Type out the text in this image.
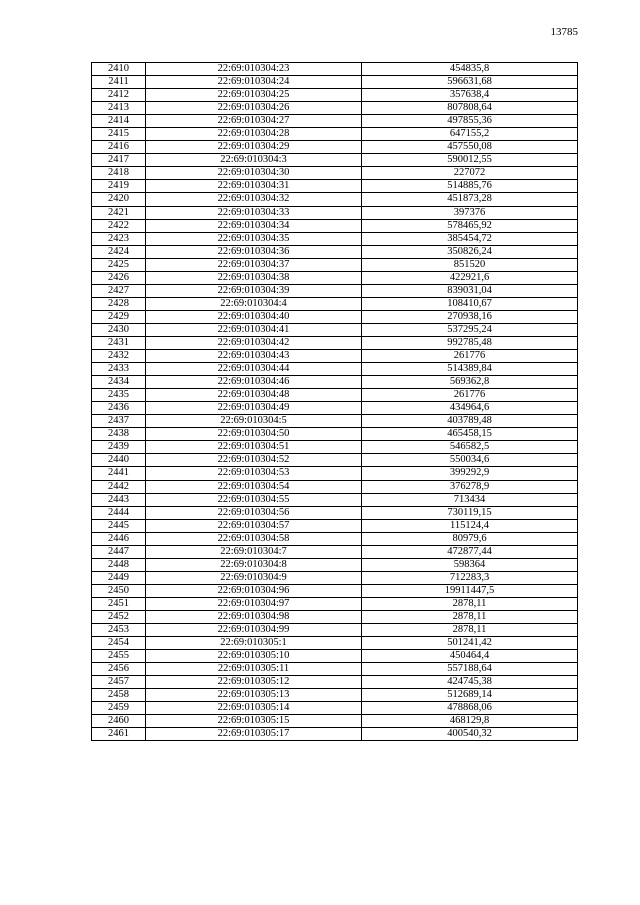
13785
2410	22:69:010304:23	454835,8
2411	22:69:010304:24	596631,68
2412	22:69:010304:25	357638,4
2413	22:69:010304:26	807808,64
2414	22:69:010304:27	497855,36
2415	22:69:010304:28	647155,2
2416	22:69:010304:29	457550,08
2417	22:69:010304:3	590012,55
2418	22:69:010304:30	227072
2419	22:69:010304:31	514885,76
2420	22:69:010304:32	451873,28
2421	22:69:010304:33	397376
2422	22:69:010304:34	578465,92
2423	22:69:010304:35	385454,72
2424	22:69:010304:36	350826,24
2425	22:69:010304:37	851520
2426	22:69:010304:38	422921,6
2427	22:69:010304:39	839031,04
2428	22:69:010304:4	108410,67
2429	22:69:010304:40	270938,16
2430	22:69:010304:41	537295,24
2431	22:69:010304:42	992785,48
2432	22:69:010304:43	261776
2433	22:69:010304:44	514389,84
2434	22:69:010304:46	569362,8
2435	22:69:010304:48	261776
2436	22:69:010304:49	434964,6
2437	22:69:010304:5	403789,48
2438	22:69:010304:50	465458,15
2439	22:69:010304:51	546582,5
2440	22:69:010304:52	550034,6
2441	22:69:010304:53	399292,9
2442	22:69:010304:54	376278,9
2443	22:69:010304:55	713434
2444	22:69:010304:56	730119,15
2445	22:69:010304:57	115124,4
2446	22:69:010304:58	80979,6
2447	22:69:010304:7	472877,44
2448	22:69:010304:8	598364
2449	22:69:010304:9	712283,3
2450	22:69:010304:96	19911447,5
2451	22:69:010304:97	2878,11
2452	22:69:010304:98	2878,11
2453	22:69:010304:99	2878,11
2454	22:69:010305:1	501241,42
2455	22:69:010305:10	450464,4
2456	22:69:010305:11	557188,64
2457	22:69:010305:12	424745,38
2458	22:69:010305:13	512689,14
2459	22:69:010305:14	478868,06
2460	22:69:010305:15	468129,8
2461	22:69:010305:17	400540,32
